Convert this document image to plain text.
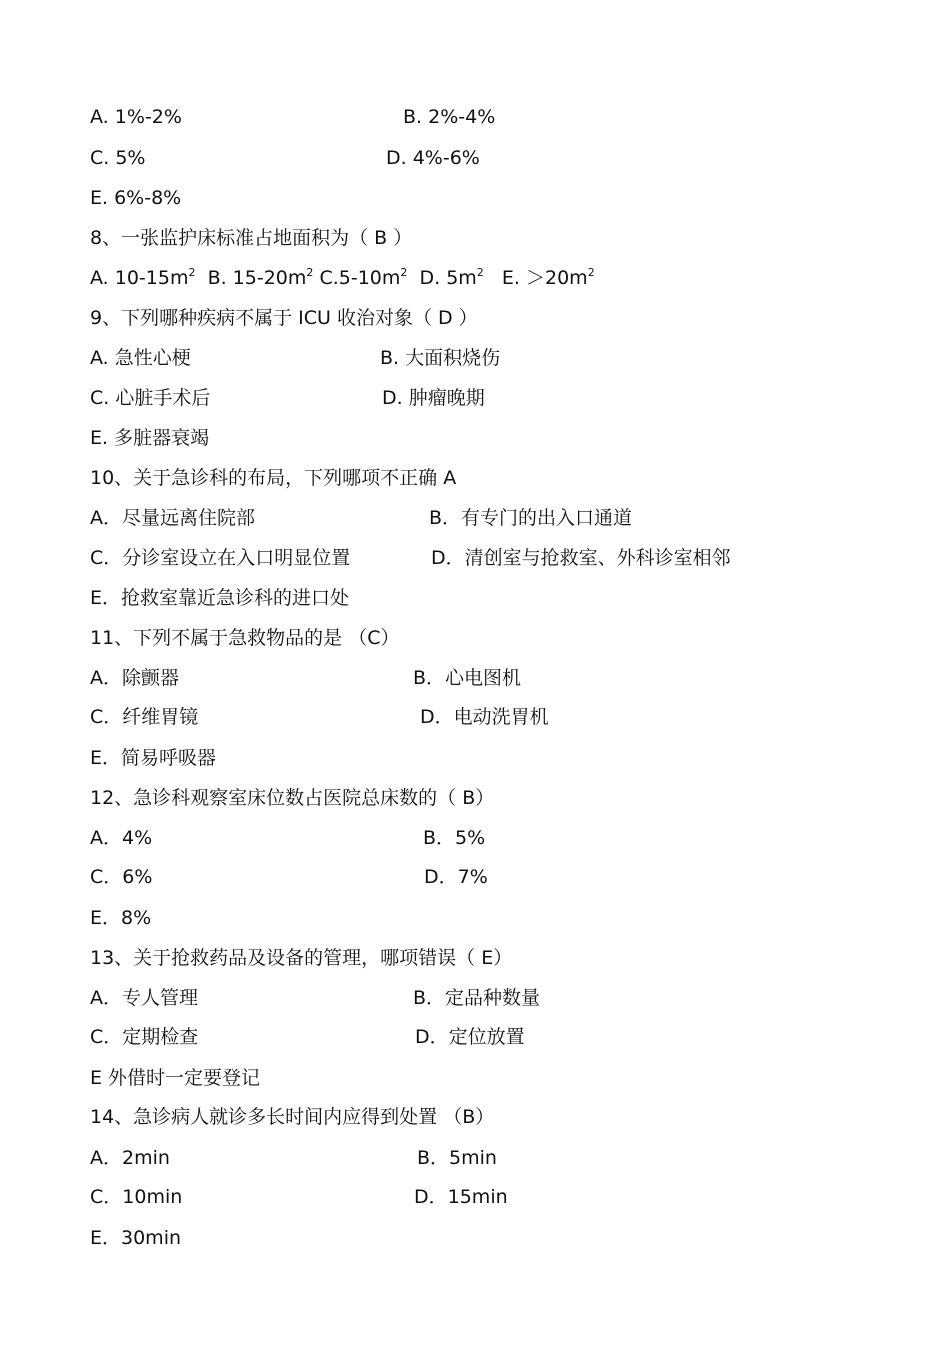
A. 1%-2%	B. 2%-4%
C. 5%	D. 4%-6%
E. 6%-8%
8、一张监护床标准占地面积为（ B ）
A. $10-15m^2$ B. $15-20m^2$ $C.5-10m^2$ D. $5m^2$ E. $>20m^2$
9、下列哪种疾病不属于 ICU 收治对象（ D ）
A. 急性心梗	B. 大面积烧伤
C. 心脏手术后	D. 肿瘤晚期
E. 多脏器衰竭
10、关于急诊科的布局，下列哪项不正确 A
A．尽量远离住院部	B．有专门的出入口通道
C．分诊室设立在入口明显位置	D．清创室与抢救室、外科诊室相邻
E．抢救室靠近急诊科的进口处
11、下列不属于急救物品的是 （C）
A．除颤器	B．心电图机
C．纤维胃镜	D．电动洗胃机
E．简易呼吸器
12、急诊科观察室床位数占医院总床数的（ B）
A．4%	B．5%
C．6%	D．7%
E．8%
13、关于抢救药品及设备的管理，哪项错误（ E）
A．专人管理	B．定品种数量
C．定期检查	D．定位放置
E 外借时一定要登记
14、急诊病人就诊多长时间内应得到处置 （B）
A．2min	B．5min
C．10min	D．15min
E．30min
